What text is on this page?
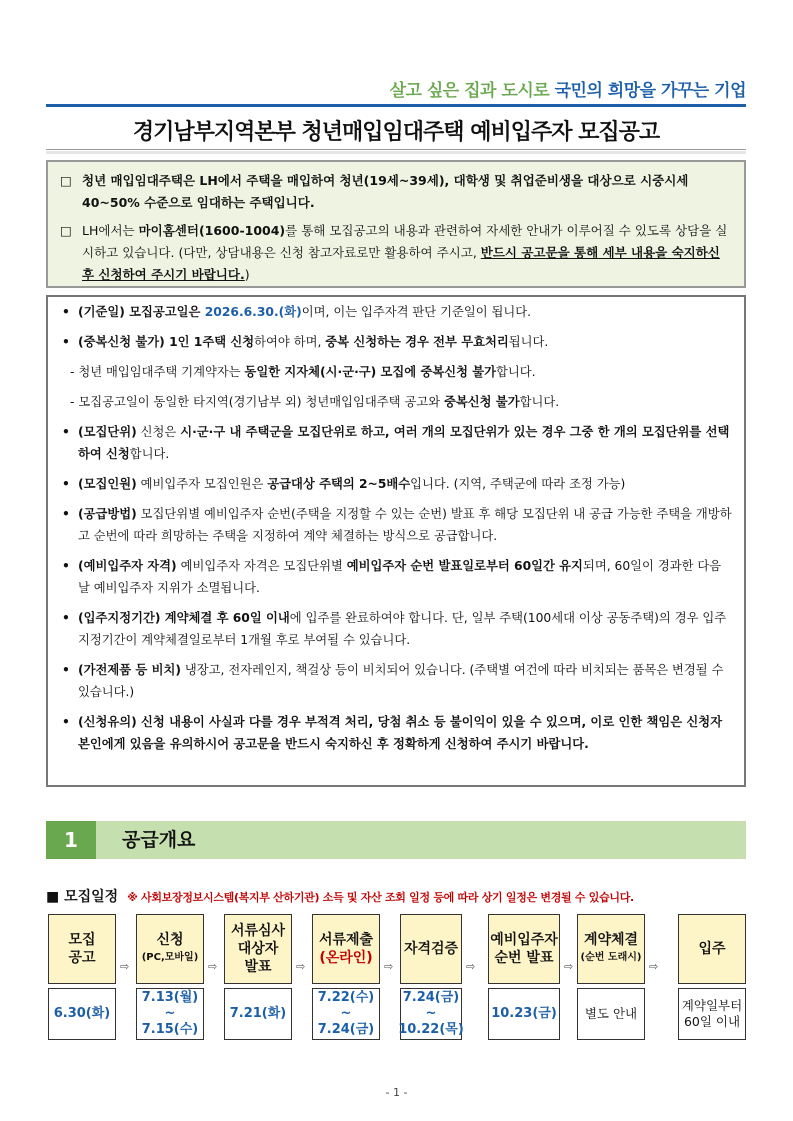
살고 싶은 집과 도시로 국민의 희망을 가꾸는 기업
경기남부지역본부 청년매입임대주택 예비입주자 모집공고

□ 청년 매입임대주택은 LH에서 주택을 매입하여 청년(19세~39세), 대학생 및 취업준비생을 대상으로 시중시세 40~50% 수준으로 임대하는 주택입니다.

□ LH에서는 마이홈센터(1600-1004)를 통해 모집공고의 내용과 관련하여 자세한 안내가 이루어질 수 있도록 상담을 실시하고 있습니다. (다만, 상담내용은 신청 참고자료로만 활용하여 주시고, 반드시 공고문을 통해 세부 내용을 숙지하신 후 신청하여 주시기 바랍니다.)

• (기준일) 모집공고일은 2026.6.30.(화)이며, 이는 입주자격 판단 기준일이 됩니다.
• (중복신청 불가) 1인 1주택 신청하여야 하며, 중복 신청하는 경우 전부 무효처리됩니다.
- 청년 매입임대주택 기계약자는 동일한 지자체(시·군·구) 모집에 중복신청 불가합니다.
- 모집공고일이 동일한 타지역(경기남부 외) 청년매입임대주택 공고와 중복신청 불가합니다.
• (모집단위) 신청은 시·군·구 내 주택군을 모집단위로 하고, 여러 개의 모집단위가 있는 경우 그중 한 개의 모집단위를 선택하여 신청합니다.
• (모집인원) 예비입주자 모집인원은 공급대상 주택의 2~5배수입니다. (지역, 주택군에 따라 조정 가능)
• (공급방법) 모집단위별 예비입주자 순번(주택을 지정할 수 있는 순번) 발표 후 해당 모집단위 내 공급 가능한 주택을 개방하고 순번에 따라 희망하는 주택을 지정하여 계약 체결하는 방식으로 공급합니다.
• (예비입주자 자격) 예비입주자 자격은 모집단위별 예비입주자 순번 발표일로부터 60일간 유지되며, 60일이 경과한 다음 날 예비입주자 지위가 소멸됩니다.
• (입주지정기간) 계약체결 후 60일 이내에 입주를 완료하여야 합니다. 단, 일부 주택(100세대 이상 공동주택)의 경우 입주지정기간이 계약체결일로부터 1개월 후로 부여될 수 있습니다.
• (가전제품 등 비치) 냉장고, 전자레인지, 책걸상 등이 비치되어 있습니다. (주택별 여건에 따라 비치되는 품목은 변경될 수 있습니다.)
• (신청유의) 신청 내용이 사실과 다를 경우 부적격 처리, 당첨 취소 등 불이익이 있을 수 있으며, 이로 인한 책임은 신청자 본인에게 있음을 유의하시어 공고문을 반드시 숙지하신 후 정확하게 신청하여 주시기 바랍니다.
1	공급개요
■ 모집일정 ※ 사회보장정보시스템(복지부 산하기관) 소득 및 자산 조회 일정 등에 따라 상기 일정은 변경될 수 있습니다.
모집
공고
6.30(화)
⇨
신청
(PC,모바일)
7.13(월)
~
7.15(수)
⇨
서류심사
대상자
발표
7.21(화)
⇨
서류제출
(온라인)
7.22(수)
~
7.24(금)
⇨
자격검증
7.24(금)
~
10.22(목)
⇨
예비입주자
순번 발표
10.23(금)
⇨
계약체결
(순번 도래시)
별도 안내
⇨
입주
계약일부터
60일 이내
- 1 -
